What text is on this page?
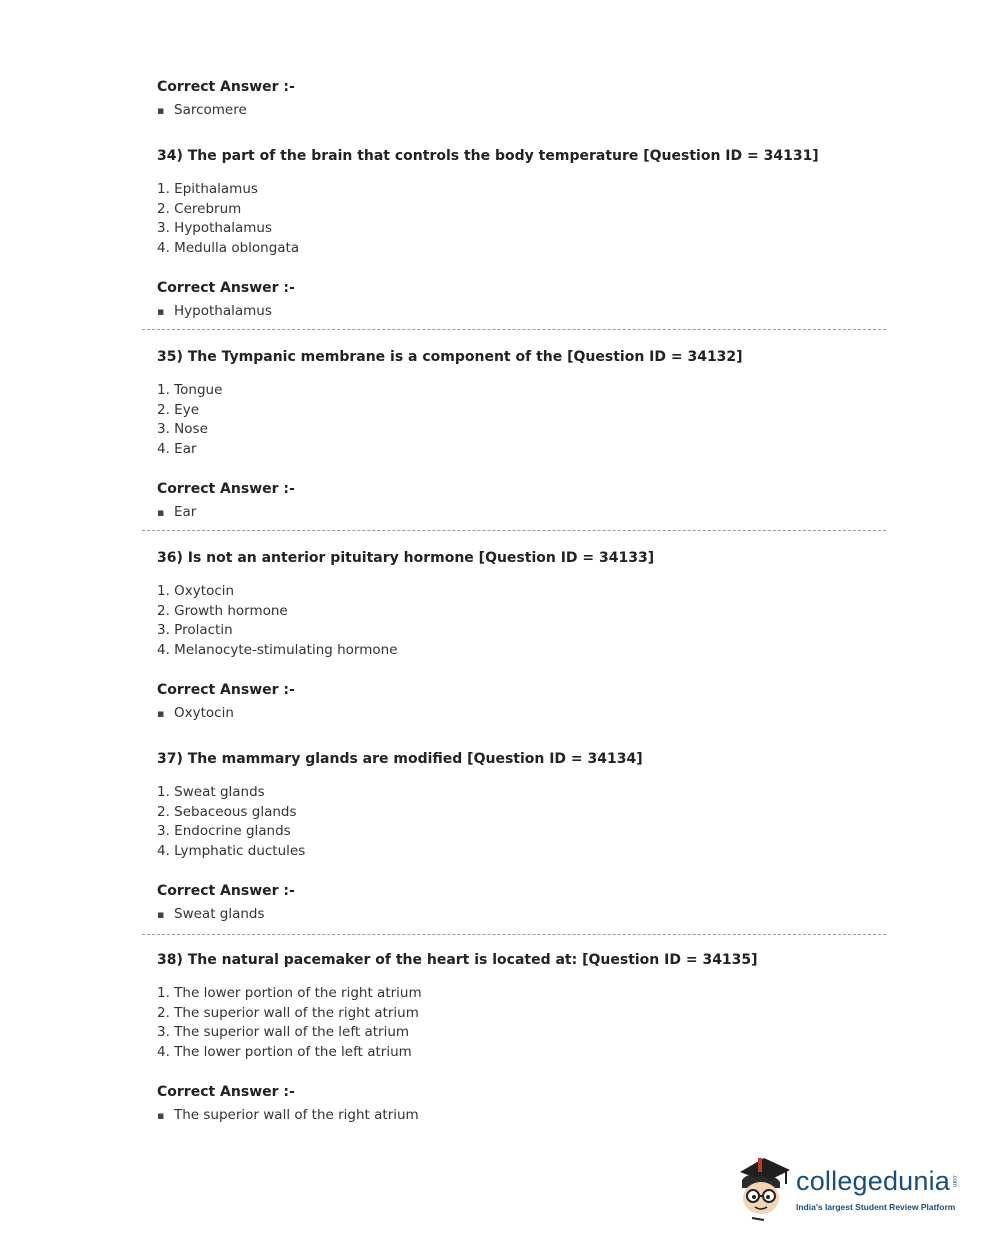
Correct Answer :-
▪ Sarcomere
34) The part of the brain that controls the body temperature [Question ID = 34131]
1. Epithalamus
2. Cerebrum
3. Hypothalamus
4. Medulla oblongata
Correct Answer :-
▪ Hypothalamus
35) The Tympanic membrane is a component of the [Question ID = 34132]
1. Tongue
2. Eye
3. Nose
4. Ear
Correct Answer :-
▪ Ear
36) Is not an anterior pituitary hormone [Question ID = 34133]
1. Oxytocin
2. Growth hormone
3. Prolactin
4. Melanocyte-stimulating hormone
Correct Answer :-
▪ Oxytocin
37) The mammary glands are modified [Question ID = 34134]
1. Sweat glands
2. Sebaceous glands
3. Endocrine glands
4. Lymphatic ductules
Correct Answer :-
▪ Sweat glands
38) The natural pacemaker of the heart is located at: [Question ID = 34135]
1. The lower portion of the right atrium
2. The superior wall of the right atrium
3. The superior wall of the left atrium
4. The lower portion of the left atrium
Correct Answer :-
▪ The superior wall of the right atrium
collegedunia .com
India's largest Student Review Platform
